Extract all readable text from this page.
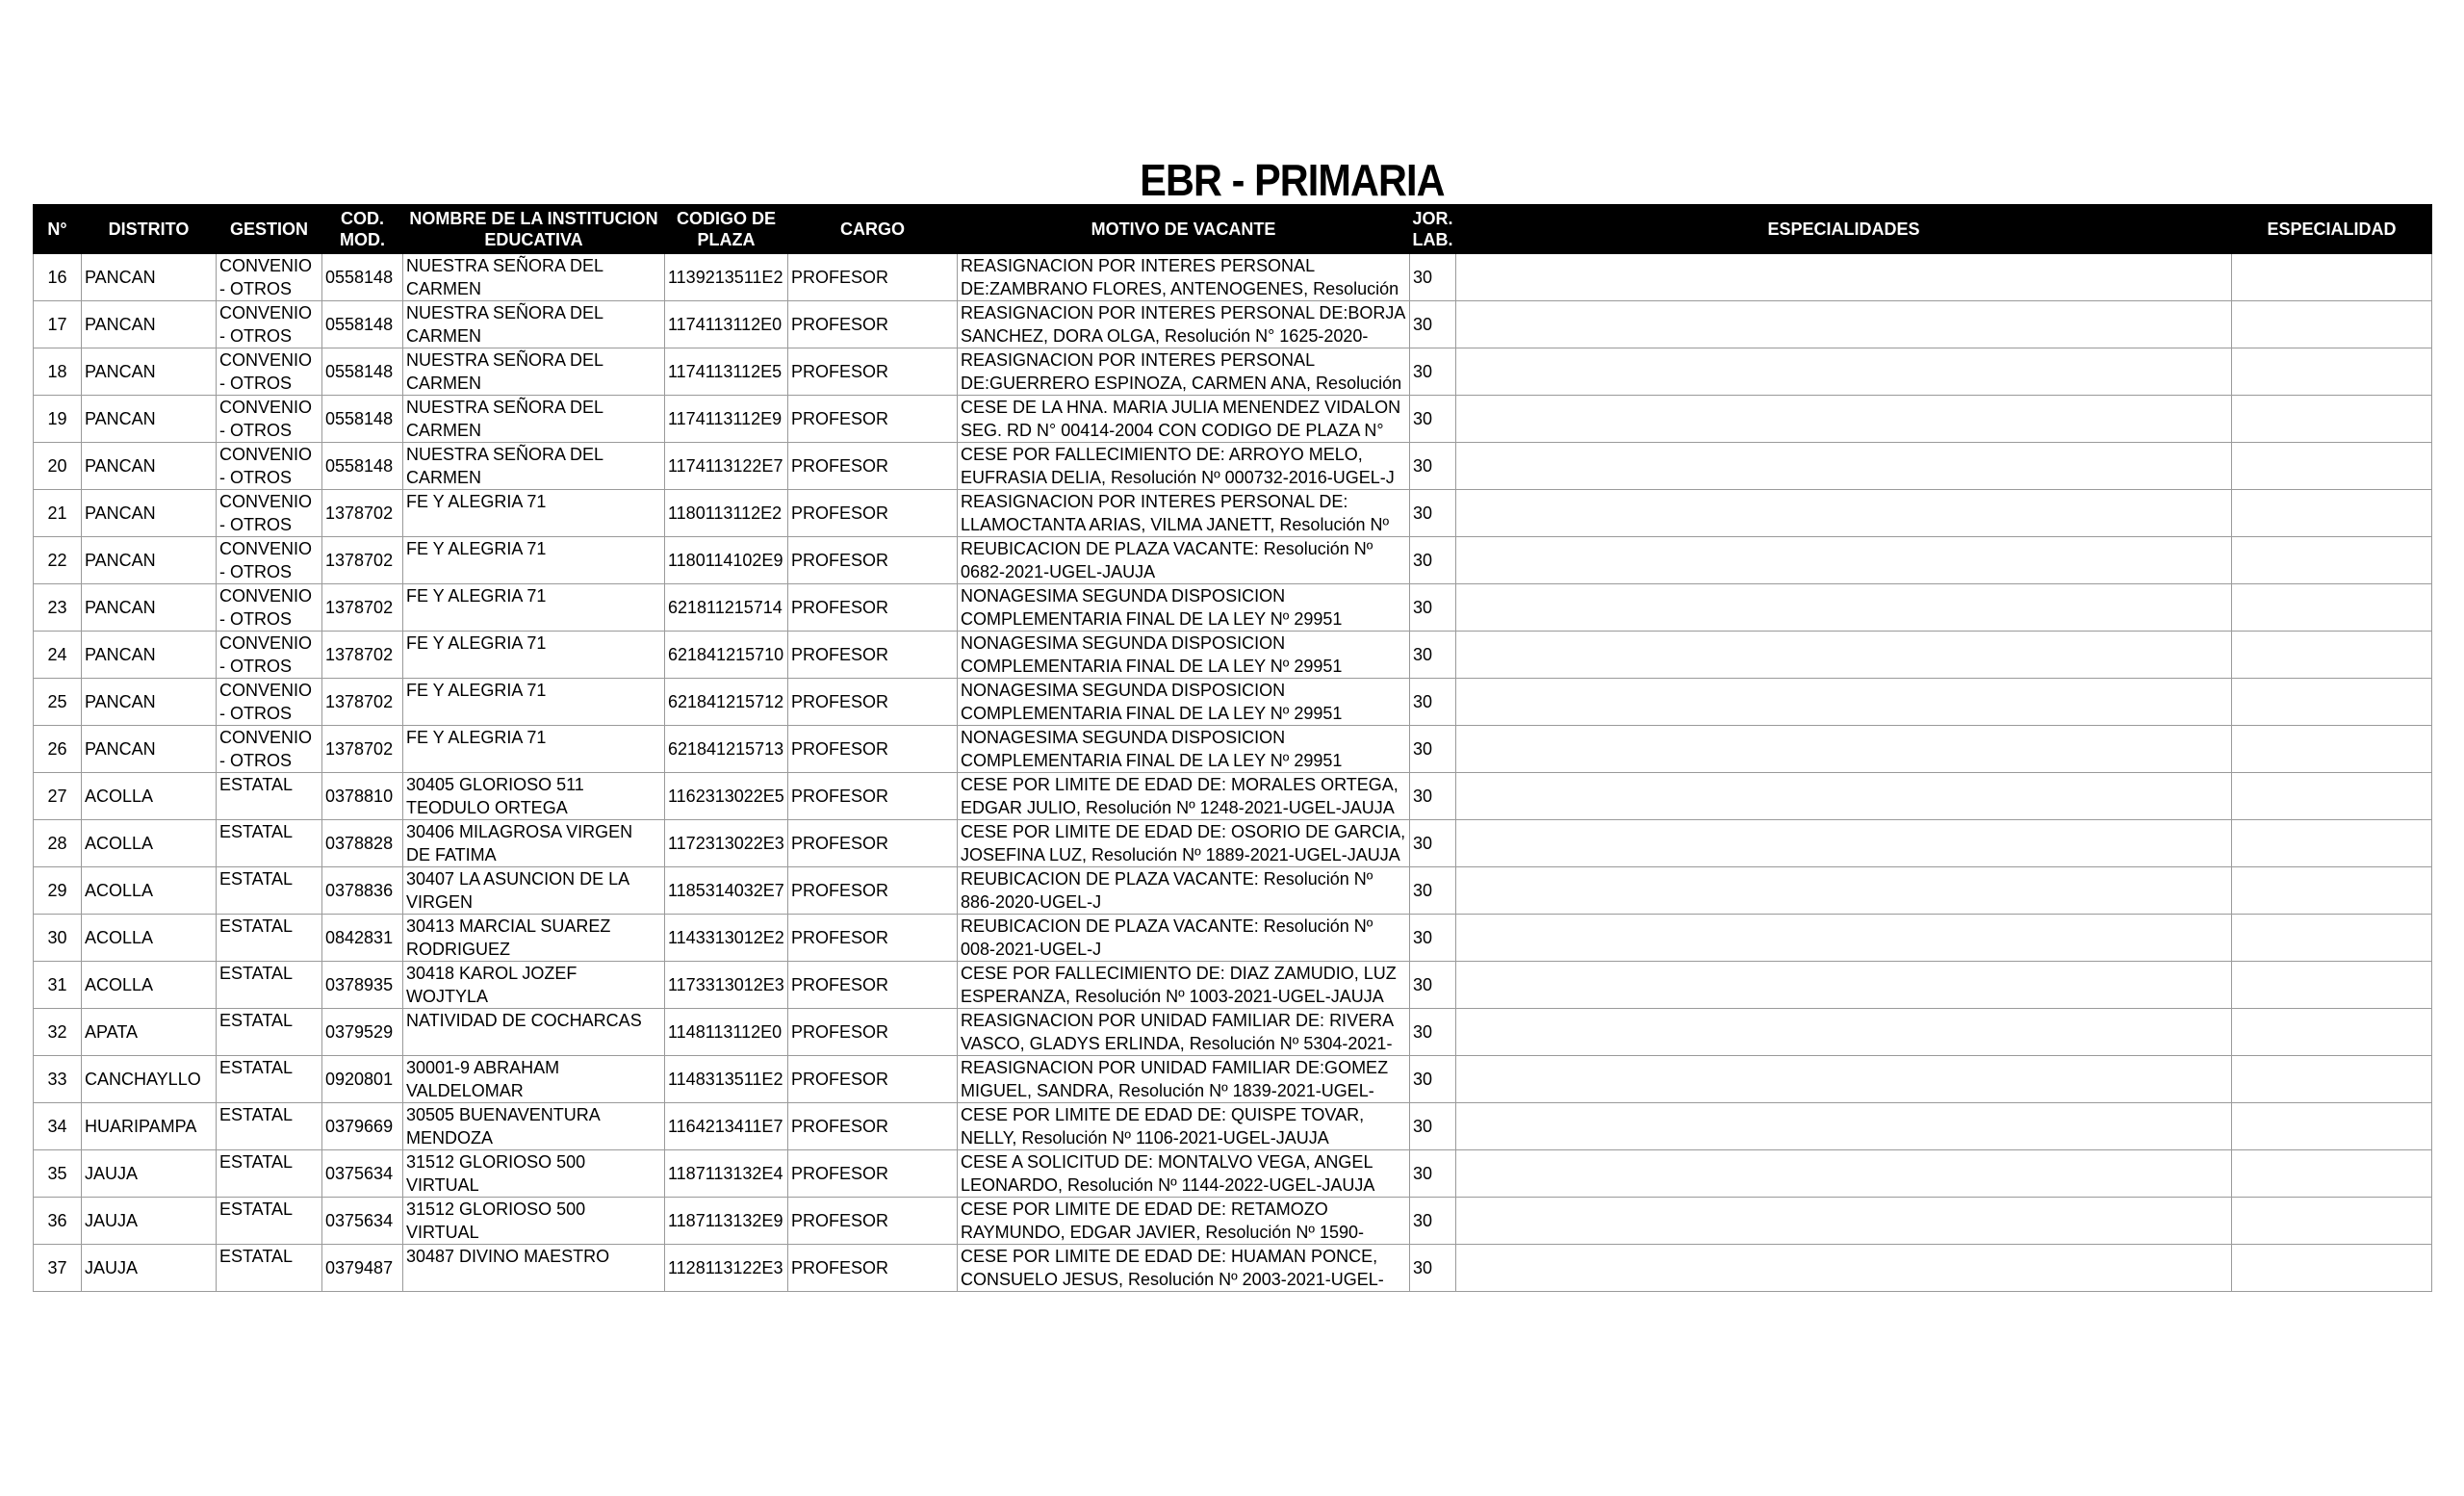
EBR - PRIMARIA
N°	DISTRITO	GESTION	COD. MOD.	NOMBRE DE LA INSTITUCION EDUCATIVA	CODIGO DE PLAZA	CARGO	MOTIVO DE VACANTE	JOR. LAB.	ESPECIALIDADES	ESPECIALIDAD
16	PANCAN	CONVENIO - OTROS	0558148	NUESTRA SEÑORA DEL CARMEN	1139213511E2	PROFESOR	REASIGNACION POR INTERES PERSONAL DE:ZAMBRANO FLORES, ANTENOGENES, Resolución	30		
17	PANCAN	CONVENIO - OTROS	0558148	NUESTRA SEÑORA DEL CARMEN	1174113112E0	PROFESOR	REASIGNACION POR INTERES PERSONAL DE:BORJA SANCHEZ, DORA OLGA, Resolución N° 1625-2020-	30		
18	PANCAN	CONVENIO - OTROS	0558148	NUESTRA SEÑORA DEL CARMEN	1174113112E5	PROFESOR	REASIGNACION POR INTERES PERSONAL DE:GUERRERO ESPINOZA, CARMEN ANA, Resolución	30		
19	PANCAN	CONVENIO - OTROS	0558148	NUESTRA SEÑORA DEL CARMEN	1174113112E9	PROFESOR	CESE DE LA HNA. MARIA JULIA MENENDEZ VIDALON SEG. RD N° 00414-2004 CON CODIGO DE PLAZA N°	30		
20	PANCAN	CONVENIO - OTROS	0558148	NUESTRA SEÑORA DEL CARMEN	1174113122E7	PROFESOR	CESE POR FALLECIMIENTO DE: ARROYO MELO, EUFRASIA DELIA, Resolución Nº 000732-2016-UGEL-J	30		
21	PANCAN	CONVENIO - OTROS	1378702	FE Y ALEGRIA 71	1180113112E2	PROFESOR	REASIGNACION POR INTERES PERSONAL DE: LLAMOCTANTA ARIAS, VILMA JANETT, Resolución Nº	30		
22	PANCAN	CONVENIO - OTROS	1378702	FE Y ALEGRIA 71	1180114102E9	PROFESOR	REUBICACION DE PLAZA VACANTE: Resolución Nº 0682-2021-UGEL-JAUJA	30		
23	PANCAN	CONVENIO - OTROS	1378702	FE Y ALEGRIA 71	621811215714	PROFESOR	NONAGESIMA SEGUNDA DISPOSICION COMPLEMENTARIA FINAL DE LA LEY Nº 29951	30		
24	PANCAN	CONVENIO - OTROS	1378702	FE Y ALEGRIA 71	621841215710	PROFESOR	NONAGESIMA SEGUNDA DISPOSICION COMPLEMENTARIA FINAL DE LA LEY Nº 29951	30		
25	PANCAN	CONVENIO - OTROS	1378702	FE Y ALEGRIA 71	621841215712	PROFESOR	NONAGESIMA SEGUNDA DISPOSICION COMPLEMENTARIA FINAL DE LA LEY Nº 29951	30		
26	PANCAN	CONVENIO - OTROS	1378702	FE Y ALEGRIA 71	621841215713	PROFESOR	NONAGESIMA SEGUNDA DISPOSICION COMPLEMENTARIA FINAL DE LA LEY Nº 29951	30		
27	ACOLLA	ESTATAL	0378810	30405 GLORIOSO 511 TEODULO ORTEGA	1162313022E5	PROFESOR	CESE POR LIMITE DE EDAD DE: MORALES ORTEGA, EDGAR JULIO, Resolución Nº 1248-2021-UGEL-JAUJA	30		
28	ACOLLA	ESTATAL	0378828	30406 MILAGROSA VIRGEN DE FATIMA	1172313022E3	PROFESOR	CESE POR LIMITE DE EDAD DE: OSORIO DE GARCIA, JOSEFINA LUZ, Resolución Nº 1889-2021-UGEL-JAUJA	30		
29	ACOLLA	ESTATAL	0378836	30407 LA ASUNCION DE LA VIRGEN	1185314032E7	PROFESOR	REUBICACION DE PLAZA VACANTE: Resolución Nº 886-2020-UGEL-J	30		
30	ACOLLA	ESTATAL	0842831	30413 MARCIAL SUAREZ RODRIGUEZ	1143313012E2	PROFESOR	REUBICACION DE PLAZA VACANTE: Resolución Nº 008-2021-UGEL-J	30		
31	ACOLLA	ESTATAL	0378935	30418 KAROL JOZEF WOJTYLA	1173313012E3	PROFESOR	CESE POR FALLECIMIENTO DE: DIAZ ZAMUDIO, LUZ ESPERANZA, Resolución Nº 1003-2021-UGEL-JAUJA	30		
32	APATA	ESTATAL	0379529	NATIVIDAD DE COCHARCAS	1148113112E0	PROFESOR	REASIGNACION POR UNIDAD FAMILIAR DE: RIVERA VASCO, GLADYS ERLINDA, Resolución Nº 5304-2021-	30		
33	CANCHAYLLO	ESTATAL	0920801	30001-9 ABRAHAM VALDELOMAR	1148313511E2	PROFESOR	REASIGNACION POR UNIDAD FAMILIAR DE:GOMEZ MIGUEL, SANDRA, Resolución Nº 1839-2021-UGEL-	30		
34	HUARIPAMPA	ESTATAL	0379669	30505 BUENAVENTURA MENDOZA	1164213411E7	PROFESOR	CESE POR LIMITE DE EDAD DE: QUISPE TOVAR, NELLY, Resolución Nº 1106-2021-UGEL-JAUJA	30		
35	JAUJA	ESTATAL	0375634	31512 GLORIOSO 500 VIRTUAL	1187113132E4	PROFESOR	CESE A SOLICITUD DE: MONTALVO VEGA, ANGEL LEONARDO, Resolución Nº 1144-2022-UGEL-JAUJA	30		
36	JAUJA	ESTATAL	0375634	31512 GLORIOSO 500 VIRTUAL	1187113132E9	PROFESOR	CESE POR LIMITE DE EDAD DE: RETAMOZO RAYMUNDO, EDGAR JAVIER, Resolución Nº 1590-	30		
37	JAUJA	ESTATAL	0379487	30487 DIVINO MAESTRO	1128113122E3	PROFESOR	CESE POR LIMITE DE EDAD DE: HUAMAN PONCE, CONSUELO JESUS, Resolución Nº 2003-2021-UGEL-	30		
